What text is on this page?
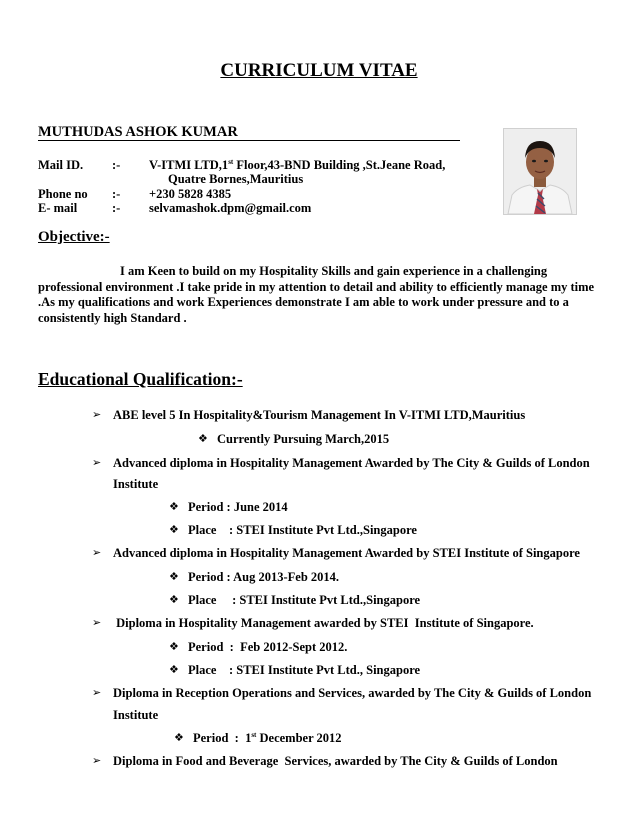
CURRICULUM VITAE
MUTHUDAS ASHOK KUMAR
Mail ID. :- V-ITMI LTD,1st Floor,43-BND Building ,St.Jeane Road,
Quatre Bornes,Mauritius
Phone no :- +230 5828 4385
E- mail	:- selvamashok.dpm@gmail.com
Objective:-
I am Keen to build on my Hospitality Skills and gain experience in a challenging professional environment .I take pride in my attention to detail and ability to efficiently manage my time .As my qualifications and work Experiences demonstrate I am able to work under pressure and to a consistently high Standard .
Educational Qualification:-
➢ ABE level 5 In Hospitality&Tourism Management In V-ITMI LTD,Mauritius
❖ Currently Pursuing March,2015
➢ Advanced diploma in Hospitality Management Awarded by The City & Guilds of London
Institute
❖ Period : June 2014
❖ Place    : STEI Institute Pvt Ltd.,Singapore
➢ Advanced diploma in Hospitality Management Awarded by STEI Institute of Singapore
❖ Period : Aug 2013-Feb 2014.
❖ Place     : STEI Institute Pvt Ltd.,Singapore
➢ Diploma in Hospitality Management awarded by STEI  Institute of Singapore.
❖ Period  :  Feb 2012-Sept 2012.
❖ Place    : STEI Institute Pvt Ltd., Singapore
➢ Diploma in Reception Operations and Services, awarded by The City & Guilds of London
Institute
❖ Period  :  1st December 2012
➢ Diploma in Food and Beverage  Services, awarded by The City & Guilds of London
